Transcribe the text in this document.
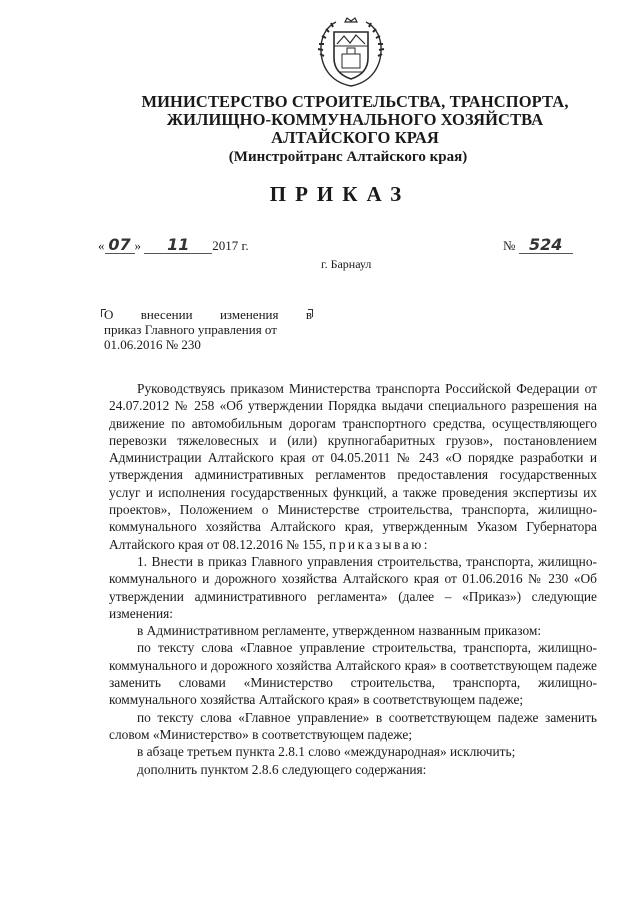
МИНИСТЕРСТВО СТРОИТЕЛЬСТВА, ТРАНСПОРТА,
ЖИЛИЩНО-КОММУНАЛЬНОГО ХОЗЯЙСТВА
АЛТАЙСКОГО КРАЯ
(Минстройтранс Алтайского края)
ПРИКАЗ
« 07 » 11 2017 г.	№ 524
г. Барнаул
О внесении изменения в
приказ Главного управления от
01.06.2016 № 230

Руководствуясь приказом Министерства транспорта Российской Федерации от 24.07.2012 № 258 «Об утверждении Порядка выдачи специального разрешения на движение по автомобильным дорогам транспортного средства, осуществляющего перевозки тяжеловесных и (или) крупногабаритных грузов», постановлением Администрации Алтайского края от 04.05.2011 № 243 «О порядке разработки и утверждения административных регламентов предоставления государственных услуг и исполнения государственных функций, а также проведения экспертизы их проектов», Положением о Министерстве строительства, транспорта, жилищно-коммунального хозяйства Алтайского края, утвержденным Указом Губернатора Алтайского края от 08.12.2016 № 155, приказываю:

1. Внести в приказ Главного управления строительства, транспорта, жилищно-коммунального и дорожного хозяйства Алтайского края от 01.06.2016 № 230 «Об утверждении административного регламента» (далее – «Приказ») следующие изменения:

в Административном регламенте, утвержденном названным приказом:

по тексту слова «Главное управление строительства, транспорта, жилищно-коммунального и дорожного хозяйства Алтайского края» в соответствующем падеже заменить словами «Министерство строительства, транспорта, жилищно-коммунального хозяйства Алтайского края» в соответствующем падеже;

по тексту слова «Главное управление» в соответствующем падеже заменить словом «Министерство» в соответствующем падеже;

в абзаце третьем пункта 2.8.1 слово «международная» исключить;

дополнить пунктом 2.8.6 следующего содержания:
